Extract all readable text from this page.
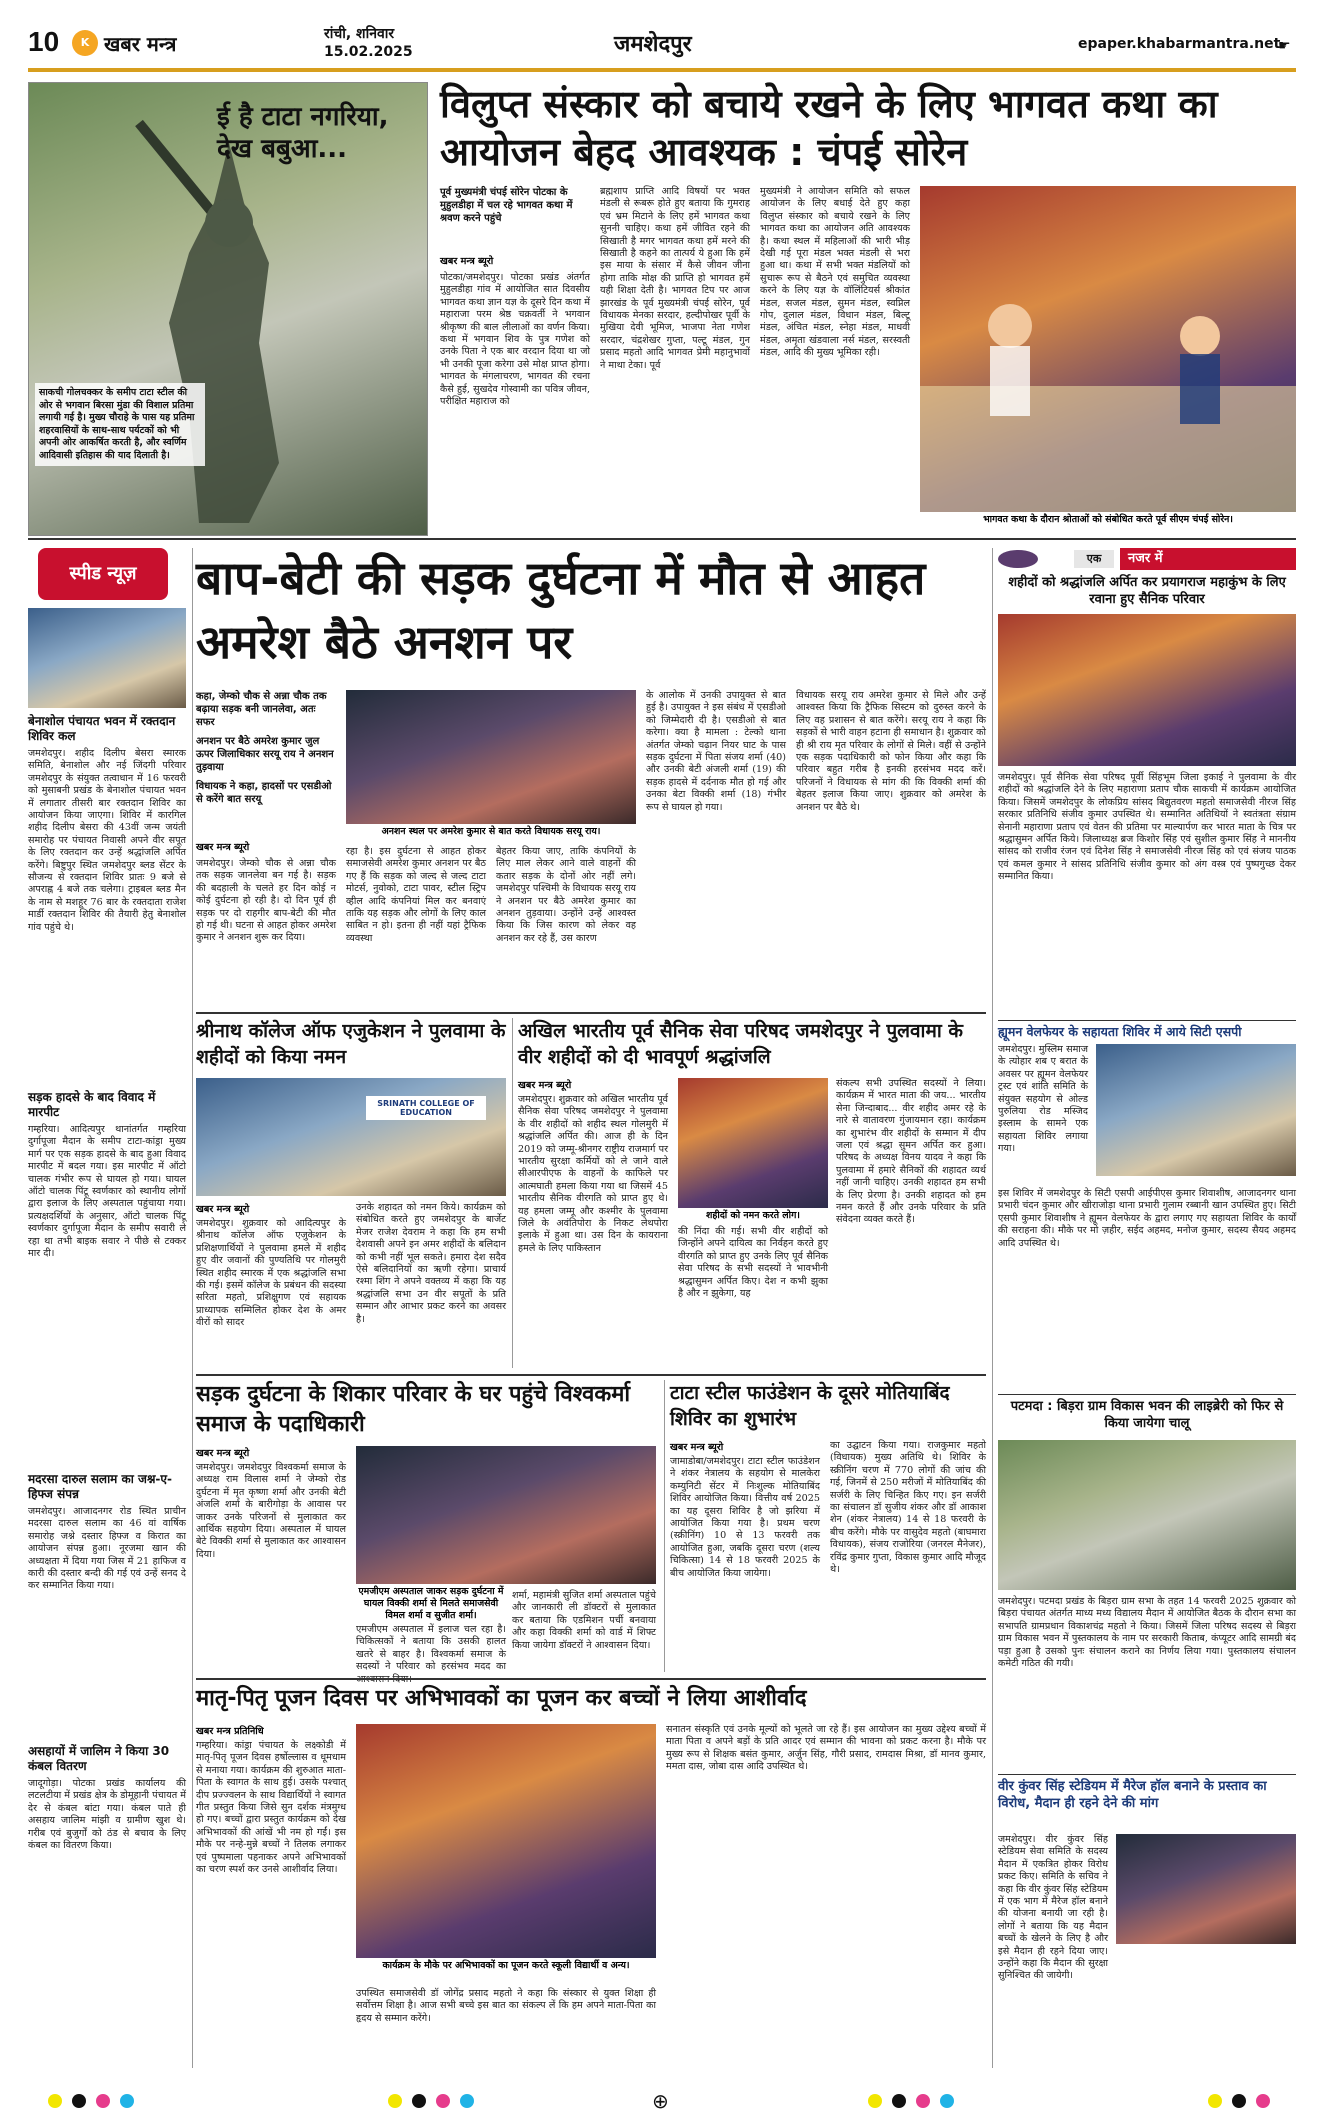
10	K खबर मन्त्र	रांची, शनिवार
15.02.2025	जमशेदपुर	epaper.khabarmantra.net
☛
ई है टाटा नगरिया, देख बबुआ...
साकची गोलचक्कर के समीप टाटा स्टील की ओर से भगवान बिरसा मुंडा की विशाल प्रतिमा लगायी गई है। मुख्य चौराहे के पास यह प्रतिमा शहरवासियों के साथ-साथ पर्यटकों को भी अपनी ओर आकर्षित करती है, और स्वर्णिम आदिवासी इतिहास की याद दिलाती है।
विलुप्त संस्कार को बचाये रखने के लिए भागवत कथा का आयोजन बेहद आवश्यक : चंपई सोरेन
पूर्व मुख्यमंत्री चंपई सोरेन पोटका के मुहुलडीहा में चल रहे भागवत कथा में श्रवण करने पहुंचे
खबर मन्त्र ब्यूरो
पोटका/जमशेदपुर। पोटका प्रखंड अंतर्गत मुहुलडीहा गांव में आयोजित सात दिवसीय भागवत कथा ज्ञान यज्ञ के दूसरे दिन कथा में महाराजा परम श्रेष्ठ चक्रवर्ती ने भगवान श्रीकृष्ण की बाल लीलाओं का वर्णन किया। कथा में भगवान शिव के पुत्र गणेश को उनके पिता ने एक बार वरदान दिया था जो भी उनकी पूजा करेगा उसे मोक्ष प्राप्त होगा। भागवत के मंगलाचरण, भागवत की रचना कैसे हुई, सुखदेव गोस्वामी का पवित्र जीवन, परीक्षित महाराज को
ब्रह्मशाप प्राप्ति आदि विषयों पर भक्त मंडली से रूबरू होते हुए बताया कि गुमराह एवं भ्रम मिटाने के लिए हमें भागवत कथा सुननी चाहिए। कथा हमें जीवित रहने की सिखाती है मगर भागवत कथा हमें मरने की सिखाती है कहने का तात्पर्य ये हुआ कि हमें इस माया के संसार में कैसे जीवन जीना होगा ताकि मोक्ष की प्राप्ति हो भागवत हमें यही शिक्षा देती है। भागवत टिप पर आज झारखंड के पूर्व मुख्यमंत्री चंपई सोरेन, पूर्व विधायक मेनका सरदार, हल्दीपोखर पूर्वी के मुखिया देवी भूमिज, भाजपा नेता गणेश सरदार, चंद्रशेखर गुप्ता, पल्टू मंडल, गुन प्रसाद महतो आदि भागवत प्रेमी महानुभावों ने माथा टेका। पूर्व
मुख्यमंत्री ने आयोजन समिति को सफल आयोजन के लिए बधाई देते हुए कहा विलुप्त संस्कार को बचाये रखने के लिए भागवत कथा का आयोजन अति आवश्यक है। कथा स्थल में महिलाओं की भारी भीड़ देखी गई पूरा मंडल भक्त मंडली से भरा हुआ था। कथा में सभी भक्त मंडलियों को सुचारू रूप से बैठने एवं समुचित व्यवस्था करने के लिए यज्ञ के वॉलिंटियर्स श्रीकांत मंडल, सजल मंडल, सुमन मंडल, स्वप्निल गोप, दुलाल मंडल, विधान मंडल, बिल्टू मंडल, अंचित मंडल, स्नेहा मंडल, माधवी मंडल, अमृता खंडवाला नर्स मंडल, सरस्वती मंडल, आदि की मुख्य भूमिका रही।
भागवत कथा के दौरान श्रोताओं को संबोधित करते पूर्व सीएम चंपई सोरेन।
स्पीड न्यूज़
बेनाशोल पंचायत भवन में रक्तदान शिविर कल
जमशेदपुर। शहीद दिलीप बेसरा स्मारक समिति, बेनाशोल और नई जिंदगी परिवार जमशेदपुर के संयुक्त तत्वाधान में 16 फरवरी को मुसाबनी प्रखंड के बेनाशोल पंचायत भवन में लगातार तीसरी बार रक्तदान शिविर का आयोजन किया जाएगा। शिविर में कारगिल शहीद दिलीप बेसरा की 43वीं जन्म जयंती समारोह पर पंचायत निवासी अपने वीर सपूत के लिए रक्तदान कर उन्हें श्रद्धांजलि अर्पित करेंगे। बिष्टुपुर स्थित जमशेदपुर ब्लड सेंटर के सौजन्य से रक्तदान शिविर प्रातः 9 बजे से अपराह्न 4 बजे तक चलेगा। ट्राइबल ब्लड मैन के नाम से मशहूर 76 बार के रक्तदाता राजेश मार्डी रक्तदान शिविर की तैयारी हेतु बेनाशोल गांव पहुंचे थे।
सड़क हादसे के बाद विवाद में मारपीट
गम्हरिया। आदित्यपुर थानांतर्गत गम्हरिया दुर्गापूजा मैदान के समीप टाटा-कांड्रा मुख्य मार्ग पर एक सड़क हादसे के बाद हुआ विवाद मारपीट में बदल गया। इस मारपीट में ऑटो चालक गंभीर रूप से घायल हो गया। घायल ऑटो चालक पिंटू स्वर्णकार को स्थानीय लोगों द्वारा इलाज के लिए अस्पताल पहुंचाया गया। प्रत्यक्षदर्शियों के अनुसार, ऑटो चालक पिंटू स्वर्णकार दुर्गापूजा मैदान के समीप सवारी ले रहा था तभी बाइक सवार ने पीछे से टक्कर मार दी।
मदरसा दारुल सलाम का जश्न-ए-हिफ्ज संपन्न
जमशेदपुर। आजादनगर रोड स्थित प्राचीन मदरसा दारुल सलाम का 46 वां वार्षिक समारोह जश्ने दस्तार हिफ्ज व किरात का आयोजन संपन्न हुआ। नूरजमा खान की अध्यक्षता में दिया गया जिस में 21 हाफिज व कारी की दस्तार बन्दी की गई एवं उन्हें सनद दे कर सम्मानित किया गया।
असहायों में जालिम ने किया 30 कंबल वितरण
जादूगोड़ा। पोटका प्रखंड कार्यालय की लटलटीया में प्रखंड क्षेत्र के डोमूहानी पंचायत में देर से कंबल बांटा गया। कंबल पाते ही असहाय जालिम मांझी व ग्रामीण खुश थे। गरीब एवं बुजुर्गों को ठंड से बचाव के लिए कंबल का वितरण किया।
बाप-बेटी की सड़क दुर्घटना में मौत से आहत अमरेश बैठे अनशन पर
कहा, जेम्को चौक से अन्ना चौक तक बढ़ाया सड़क बनी जानलेवा, अतः सफर
अनशन पर बैठे अमरेश कुमार जुल ऊपर जिलाधिकार सरयू राय ने अनशन तुड़वाया
विधायक ने कहा, हादसों पर एसडीओ से करेंगे बात सरयू
अनशन स्थल पर अमरेश कुमार से बात करते विधायक सरयू राय।
खबर मन्त्र ब्यूरो
जमशेदपुर। जेम्को चौक से अन्ना चौक तक सड़क जानलेवा बन गई है। सड़क की बदहाली के चलते हर दिन कोई न कोई दुर्घटना हो रही है। दो दिन पूर्व ही सड़क पर दो राहगीर बाप-बेटी की मौत हो गई थी। घटना से आहत होकर अमरेश कुमार ने अनशन शुरू कर दिया।
रहा है। इस दुर्घटना से आहत होकर समाजसेवी अमरेश कुमार अनशन पर बैठ गए हैं कि सड़क को जल्द से जल्द टाटा मोटर्स, नुवोको, टाटा पावर, स्टील स्ट्रिप व्हील आदि कंपनियां मिल कर बनवाएं ताकि यह सड़क और लोगों के लिए काल साबित न हो। इतना ही नहीं यहां ट्रैफिक व्यवस्था
बेहतर किया जाए, ताकि कंपनियों के लिए माल लेकर आने वाले वाहनों की कतार सड़क के दोनों ओर नहीं लगे। जमशेदपुर पश्चिमी के विधायक सरयू राय ने अनशन पर बैठे अमरेश कुमार का अनशन तुड़वाया। उन्होंने उन्हें आश्वस्त किया कि जिस कारण को लेकर वह अनशन कर रहे हैं, उस कारण
के आलोक में उनकी उपायुक्त से बात हुई है। उपायुक्त ने इस संबंध में एसडीओ को जिम्मेदारी दी है। एसडीओ से बात करेगा। क्या है मामला : टेल्को थाना अंतर्गत जेम्को चढ़ान नियर घाट के पास सड़क दुर्घटना में पिता संजय शर्मा (40) और उनकी बेटी अंजली शर्मा (19) की सड़क हादसे में दर्दनाक मौत हो गई और उनका बेटा विक्की शर्मा (18) गंभीर रूप से घायल हो गया।
विधायक सरयू राय अमरेश कुमार से मिले और उन्हें आश्वस्त किया कि ट्रैफिक सिस्टम को दुरुस्त करने के लिए वह प्रशासन से बात करेंगे। सरयू राय ने कहा कि सड़कों से भारी वाहन हटाना ही समाधान है। शुक्रवार को ही श्री राय मृत परिवार के लोगों से मिले। वहीं से उन्होंने एक सड़क पदाधिकारी को फोन किया और कहा कि परिवार बहुत गरीब है इनकी हरसंभव मदद करें। परिजनों ने विधायक से मांग की कि विक्की शर्मा की बेहतर इलाज किया जाए। शुक्रवार को अमरेश के अनशन पर बैठे थे।
श्रीनाथ कॉलेज ऑफ एजुकेशन ने पुलवामा के शहीदों को किया नमन
SRINATH COLLEGE OF EDUCATION
खबर मन्त्र ब्यूरो
जमशेदपुर। शुक्रवार को आदित्यपुर के श्रीनाथ कॉलेज ऑफ एजुकेशन के प्रशिक्षणार्थियों ने पुलवामा हमले में शहीद हुए वीर जवानों की पुण्यतिथि पर गोलमुरी स्थित शहीद स्मारक में एक श्रद्धांजलि सभा की गई। इसमें कॉलेज के प्रबंधन की सदस्या सरिता महतो, प्रशिक्षुगण एवं सहायक प्राध्यापक सम्मिलित होकर देश के अमर वीरों को सादर
उनके शहादत को नमन किये। कार्यक्रम को संबोधित करते हुए जमशेदपुर के बार्जेट मेजर राजेश देवराम ने कहा कि हम सभी देशवासी अपने इन अमर शहीदों के बलिदान को कभी नहीं भूल सकते। हमारा देश सदैव ऐसे बलिदानियों का ऋणी रहेगा। प्राचार्य रश्मा शिंग ने अपने वक्तव्य में कहा कि यह श्रद्धांजलि सभा उन वीर सपूतों के प्रति सम्मान और आभार प्रकट करने का अवसर है।
अखिल भारतीय पूर्व सैनिक सेवा परिषद जमशेदपुर ने पुलवामा के वीर शहीदों को दी भावपूर्ण श्रद्धांजलि
खबर मन्त्र ब्यूरो
जमशेदपुर। शुक्रवार को अखिल भारतीय पूर्व सैनिक सेवा परिषद जमशेदपुर ने पुलवामा के वीर शहीदों को शहीद स्थल गोलमुरी में श्रद्धांजलि अर्पित की। आज ही के दिन 2019 को जम्मू-श्रीनगर राष्ट्रीय राजमार्ग पर भारतीय सुरक्षा कर्मियों को ले जाने वाले सीआरपीएफ के वाहनों के काफिले पर आत्मघाती हमला किया गया था जिसमें 45 भारतीय सैनिक वीरगति को प्राप्त हुए थे। यह हमला जम्मू और कश्मीर के पुलवामा जिले के अवंतिपोरा के निकट लेथपोरा इलाके में हुआ था। उस दिन के कायराना हमले के लिए पाकिस्तान
शहीदों को नमन करते लोग।
की निंदा की गई। सभी वीर शहीदों को जिन्होंने अपने दायित्व का निर्वहन करते हुए वीरगति को प्राप्त हुए उनके लिए पूर्व सैनिक सेवा परिषद के सभी सदस्यों ने भावभीनी श्रद्धासुमन अर्पित किए। देश न कभी झुका है और न झुकेगा, यह
संकल्प सभी उपस्थित सदस्यों ने लिया। कार्यक्रम में भारत माता की जय... भारतीय सेना जिन्दाबाद... वीर शहीद अमर रहे के नारे से वातावरण गुंजायमान रहा। कार्यक्रम का शुभारंभ वीर शहीदों के सम्मान में दीप जला एवं श्रद्धा सुमन अर्पित कर हुआ। परिषद के अध्यक्ष विनय यादव ने कहा कि पुलवामा में हमारे सैनिकों की शहादत व्यर्थ नहीं जानी चाहिए। उनकी शहादत हम सभी के लिए प्रेरणा है। उनकी शहादत को हम नमन करते हैं और उनके परिवार के प्रति संवेदना व्यक्त करते हैं।
सड़क दुर्घटना के शिकार परिवार के घर पहुंचे विश्वकर्मा समाज के पदाधिकारी
खबर मन्त्र ब्यूरो
जमशेदपुर। जमशेदपुर विश्वकर्मा समाज के अध्यक्ष राम विलास शर्मा ने जेम्को रोड दुर्घटना में मृत कृष्णा शर्मा और उनकी बेटी अंजलि शर्मा के बारीगोड़ा के आवास पर जाकर उनके परिजनों से मुलाकात कर आर्थिक सहयोग दिया। अस्पताल में घायल बेटे विक्की शर्मा से मुलाकात कर आश्वासन दिया।
एमजीएम अस्पताल जाकर सड़क दुर्घटना में घायल विक्की शर्मा से मिलते समाजसेवी विमल शर्मा व सुजीत शर्मा।
एमजीएम अस्पताल में इलाज चल रहा है। चिकित्सकों ने बताया कि उसकी हालत खतरे से बाहर है। विश्वकर्मा समाज के सदस्यों ने परिवार को हरसंभव मदद का
शर्मा, महामंत्री सुजित शर्मा अस्पताल पहुंचे और जानकारी ली डॉक्टरों से मुलाकात कर बताया कि एडमिशन पर्ची बनवाया और कहा विक्की शर्मा को वार्ड में शिफ्ट किया जायेगा डॉक्टरों ने आश्वासन दिया।
टाटा स्टील फाउंडेशन के दूसरे मोतियाबिंद शिविर का शुभारंभ
खबर मन्त्र ब्यूरो
जामाडोबा/जमशेदपुर। टाटा स्टील फाउंडेशन ने शंकर नेत्रालय के सहयोग से मालकेरा कम्युनिटी सेंटर में निःशुल्क मोतियाबिंद शिविर आयोजित किया। वित्तीय वर्ष 2025 का यह दूसरा शिविर है जो झरिया में आयोजित किया गया है। प्रथम चरण (स्क्रीनिंग) 10 से 13 फरवरी तक आयोजित हुआ, जबकि दूसरा चरण (शल्य चिकित्सा) 14 से 18 फरवरी 2025 के बीच आयोजित किया जायेगा।
का उद्घाटन किया गया। राजकुमार महतो (विधायक) मुख्य अतिथि थे। शिविर के स्क्रीनिंग चरण में 770 लोगों की जांच की गई, जिनमें से 250 मरीजों में मोतियाबिंद की सर्जरी के लिए चिन्हित किए गए। इन सर्जरी का संचालन डॉ सुजीय शंकर और डॉ आकाश शेन (शंकर नेत्रालय) 14 से 18 फरवरी के बीच करेंगे। मौके पर वासुदेव महतो (बाघमारा विधायक), संजय राजोरिया (जनरल मैनेजर), रविंद्र कुमार गुप्ता, विकास कुमार आदि मौजूद थे।
मातृ-पितृ पूजन दिवस पर अभिभावकों का पूजन कर बच्चों ने लिया आशीर्वाद
खबर मन्त्र प्रतिनिधि
गम्हरिया। कांड्रा पंचायत के लक्ष्कोडी में मातृ-पितृ पूजन दिवस हर्षोल्लास व धूमधाम से मनाया गया। कार्यक्रम की शुरुआत माता-पिता के स्वागत के साथ हुई। उसके पश्चात् दीप प्रज्ज्वलन के साथ विद्यार्थियों ने स्वागत गीत प्रस्तुत किया जिसे सुन दर्शक मंत्रमुग्ध हो गए। बच्चों द्वारा प्रस्तुत कार्यक्रम को देख अभिभावकों की आंखें भी नम हो गईं। इस मौके पर नन्हे-मुन्ने बच्चों ने तिलक लगाकर एवं पुष्पमाला पहनाकर अपने अभिभावकों का चरण स्पर्श कर उनसे आशीर्वाद लिया।
कार्यक्रम के मौके पर अभिभावकों का पूजन करते स्कूली विद्यार्थी व अन्य।
उपस्थित समाजसेवी डॉ जोगेंद्र प्रसाद महतो ने कहा कि संस्कार से युक्त शिक्षा ही सर्वोत्तम शिक्षा है। आज सभी बच्चे इस बात का संकल्प लें कि हम अपने माता-पिता का हृदय से सम्मान करेंगे।
सनातन संस्कृति एवं उनके मूल्यों को भूलते जा रहे हैं। इस आयोजन का मुख्य उद्देश्य बच्चों में माता पिता व अपने बड़ों के प्रति आदर एवं सम्मान की भावना को प्रकट करना है। मौके पर मुख्य रूप से शिक्षक बसंत कुमार, अर्जुन सिंह, गौरी प्रसाद, रामदास मिश्रा, डॉ मानव कुमार, ममता दास, जोबा दास आदि उपस्थित थे।
एक	नजर में
शहीदों को श्रद्धांजलि अर्पित कर प्रयागराज महाकुंभ के लिए रवाना हुए सैनिक परिवार
जमशेदपुर। पूर्व सैनिक सेवा परिषद पूर्वी सिंहभूम जिला इकाई ने पुलवामा के वीर शहीदों को श्रद्धांजलि देने के लिए महाराणा प्रताप चौक साकची में कार्यक्रम आयोजित किया। जिसमें जमशेदपुर के लोकप्रिय सांसद बिद्युतवरण महतो समाजसेवी नीरज सिंह सरकार प्रतिनिधि संजीव कुमार उपस्थित थे। सम्मानित अतिथियों ने स्वतंत्रता संग्राम सेनानी महाराणा प्रताप एवं वेतन की प्रतिमा पर माल्यार्पण कर भारत माता के चित्र पर श्रद्धासुमन अर्पित किये। जिलाध्यक्ष ब्रज किशोर सिंह एवं सुशील कुमार सिंह ने माननीय सांसद को राजीव रंजन एवं दिनेश सिंह ने समाजसेवी नीरज सिंह को एवं संजय पाठक एवं कमल कुमार ने सांसद प्रतिनिधि संजीव कुमार को अंग वस्त्र एवं पुष्पगुच्छ देकर सम्मानित किया।
ह्यूमन वेलफेयर के सहायता शिविर में आये सिटी एसपी
जमशेदपुर। मुस्लिम समाज के त्योहार शब ए बरात के अवसर पर ह्यूमन वेलफेयर ट्रस्ट एवं शांति समिति के संयुक्त सहयोग से ओल्ड पुरुलिया रोड मस्जिद इस्लाम के सामने एक सहायता शिविर लगाया गया।
इस शिविर में जमशेदपुर के सिटी एसपी आईपीएस कुमार शिवाशीष, आजादनगर थाना प्रभारी चंदन कुमार और खीराजोड़ा थाना प्रभारी गुलाम रब्बानी खान उपस्थित हुए। सिटी एसपी कुमार शिवाशीष ने ह्यूमन वेलफेयर के द्वारा लगाए गए सहायता शिविर के कार्यों की सराहना की। मौके पर मो ज़हीर, सईद अहमद, मनोज कुमार, सदस्य सैयद अहमद आदि उपस्थित थे।
पटमदा : बिड़रा ग्राम विकास भवन की लाइब्रेरी को फिर से किया जायेगा चालू
जमशेदपुर। पटमदा प्रखंड के बिड़रा ग्राम सभा के तहत 14 फरवरी 2025 शुक्रवार को बिड़रा पंचायत अंतर्गत माध्य मध्य विद्यालय मैदान में आयोजित बैठक के दौरान सभा का सभापति ग्रामप्रधान विकाशचंद्र महतो ने किया। जिसमें जिला परिषद सदस्य से बिड़रा ग्राम विकास भवन में पुस्तकालय के नाम पर सरकारी किताब, कंप्यूटर आदि सामग्री बंद पड़ा हुआ है उसको पुनः संचालन कराने का निर्णय लिया गया। पुस्तकालय संचालन कमेटी गठित की गयी।
वीर कुंवर सिंह स्टेडियम में मैरेज हॉल बनाने के प्रस्ताव का विरोध, मैदान ही रहने देने की मांग
जमशेदपुर। वीर कुंवर सिंह स्टेडियम सेवा समिति के सदस्य मैदान में एकत्रित होकर विरोध प्रकट किए। समिति के सचिव ने कहा कि वीर कुंवर सिंह स्टेडियम में एक भाग में मैरेज हॉल बनाने की योजना बनायी जा रही है। लोगों ने बताया कि यह मैदान बच्चों के खेलने के लिए है और इसे मैदान ही रहने दिया जाए। उन्होंने कहा कि मैदान की सुरक्षा सुनिश्चित की जायेगी।
⊕
